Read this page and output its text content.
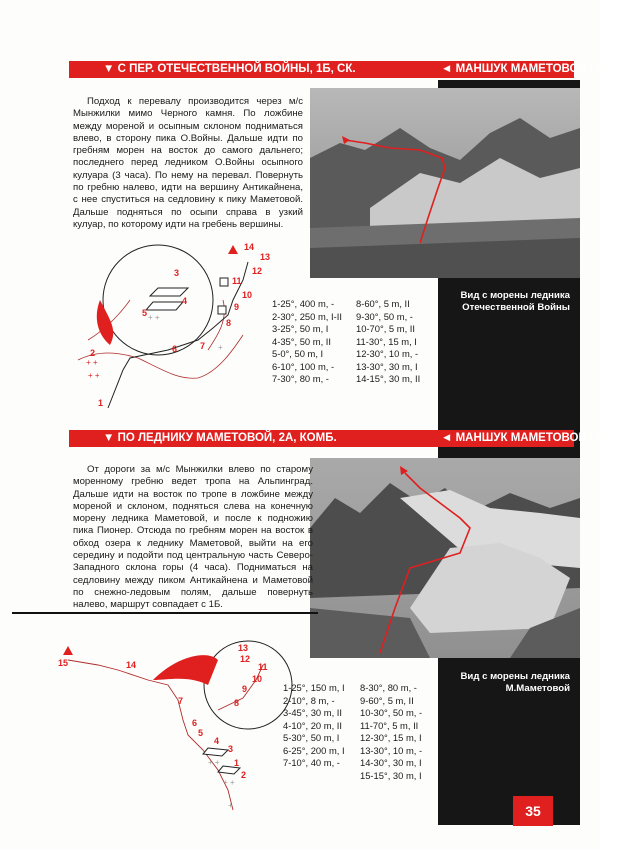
▼ С ПЕР. ОТЕЧЕСТВЕННОЙ ВОЙНЫ, 1Б, СК.	◄ МАНШУК МАМЕТОВОЙ (4194 М)
Вид с морены ледника
Отечественной Войны

Подход к перевалу производится через м/с Мынжилки мимо Черного камня. По ложбине между мореной и осыпным склоном подниматься влево, в сторону пика О.Войны. Дальше идти по гребням морен на восток до самого дальнего; последнего перед ледником О.Войны осыпного кулуара (3 часа). По нему на перевал. Повернуть по гребню налево, идти на вершину Антикайнена, с нее спуститься на седловину к пику Маметовой. Дальше подняться по осыпи справа в узкий кулуар, по которому идти на гребень вершины.

+ +
+ +
+ +
+
1
2
3
4
5
6	7
8
9
10
11
12
13
14
1-25°, 400 m, -
2-30°, 250 m, I-II
3-25°, 50 m, I
4-35°, 50 m, II
5-0°, 50 m, I
6-10°, 100 m, -
7-30°, 80 m, -
8-60°, 5 m, II
9-30°, 50 m, -
10-70°, 5 m, II
11-30°, 15 m, I
12-30°, 10 m, -
13-30°, 30 m, I
14-15°, 30 m, II
▼ ПО ЛЕДНИКУ МАМЕТОВОЙ, 2А, КОМБ.	◄ МАНШУК МАМЕТОВОЙ (4194 М)
Вид с морены ледника
М.Маметовой

От дороги за м/с Мынжилки влево по старому моренному гребню ведет тропа на Альпинград. Дальше идти на восток по тропе в ложбине между мореной и склоном, подняться слева на конечную морену ледника Маметовой, и после к подножию пика Пионер. Отсюда по гребням морен на восток в обход озера к леднику Маметовой, выйти на его середину и подойти под центральную часть Северо-Западного склона горы (4 часа). Подниматься на седловину между пиком Антикайнена и Маметовой по снежно-ледовым полям, дальше повернуть налево, маршрут совпадает с 1Б.

+ +
+ +
+
1
2
3
4
5
6
7	8
9
10
11
12
13
14
15
1-25°, 150 m, I
2-10°, 8 m, -
3-45°, 30 m, II
4-10°, 20 m, II
5-30°, 50 m, I
6-25°, 200 m, I
7-10°, 40 m, -
8-30°, 80 m, -
9-60°, 5 m, II
10-30°, 50 m, -
11-70°, 5 m, II
12-30°, 15 m, I
13-30°, 10 m, -
14-30°, 30 m, I
15-15°, 30 m, I
35
